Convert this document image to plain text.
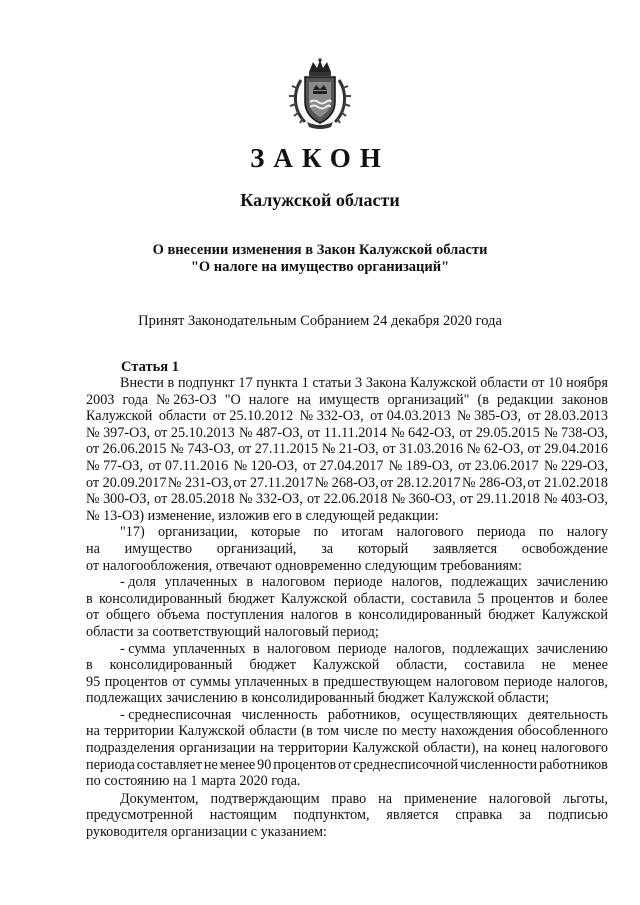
ЗАКОН
Калужской области
О внесении изменения в Закон Калужской области
"О налоге на имущество организаций"
Принят Законодательным Собранием 24 декабря 2020 года
Статья 1
Внести в подпункт 17 пункта 1 статьи 3 Закона Калужской области от 10 ноября
2003 года № 263-ОЗ "О налоге на имуществ организаций" (в редакции законов
Калужской области от 25.10.2012 № 332-ОЗ, от 04.03.2013 № 385-ОЗ, от 28.03.2013
№ 397-ОЗ, от 25.10.2013 № 487-ОЗ, от 11.11.2014 № 642-ОЗ, от 29.05.2015 № 738-ОЗ,
от 26.06.2015 № 743-ОЗ, от 27.11.2015 № 21-ОЗ, от 31.03.2016 № 62-ОЗ, от 29.04.2016
№ 77-ОЗ, от 07.11.2016 № 120-ОЗ, от 27.04.2017 № 189-ОЗ, от 23.06.2017 № 229-ОЗ,
от 20.09.2017 № 231-ОЗ, от 27.11.2017 № 268-ОЗ, от 28.12.2017 № 286-ОЗ, от 21.02.2018
№ 300-ОЗ, от 28.05.2018 № 332-ОЗ, от 22.06.2018 № 360-ОЗ, от 29.11.2018 № 403-ОЗ,
№ 13-ОЗ) изменение, изложив его в следующей редакции:
"17) организации, которые по итогам налогового периода по налогу
на имущество организаций, за который заявляется освобождение
от налогообложения, отвечают одновременно следующим требованиям:
- доля уплаченных в налоговом периоде налогов, подлежащих зачислению
в консолидированный бюджет Калужской области, составила 5 процентов и более
от общего объема поступления налогов в консолидированный бюджет Калужской
области за соответствующий налоговый период;
- сумма уплаченных в налоговом периоде налогов, подлежащих зачислению
в консолидированный бюджет Калужской области, составила не менее
95 процентов от суммы уплаченных в предшествующем налоговом периоде налогов,
подлежащих зачислению в консолидированный бюджет Калужской области;
- среднесписочная численность работников, осуществляющих деятельность
на территории Калужской области (в том числе по месту нахождения обособленного
подразделения организации на территории Калужской области), на конец налогового
периода составляет не менее 90 процентов от среднесписочной численности работников
по состоянию на 1 марта 2020 года.
Документом, подтверждающим право на применение налоговой льготы,
предусмотренной настоящим подпунктом, является справка за подписью
руководителя организации с указанием:
